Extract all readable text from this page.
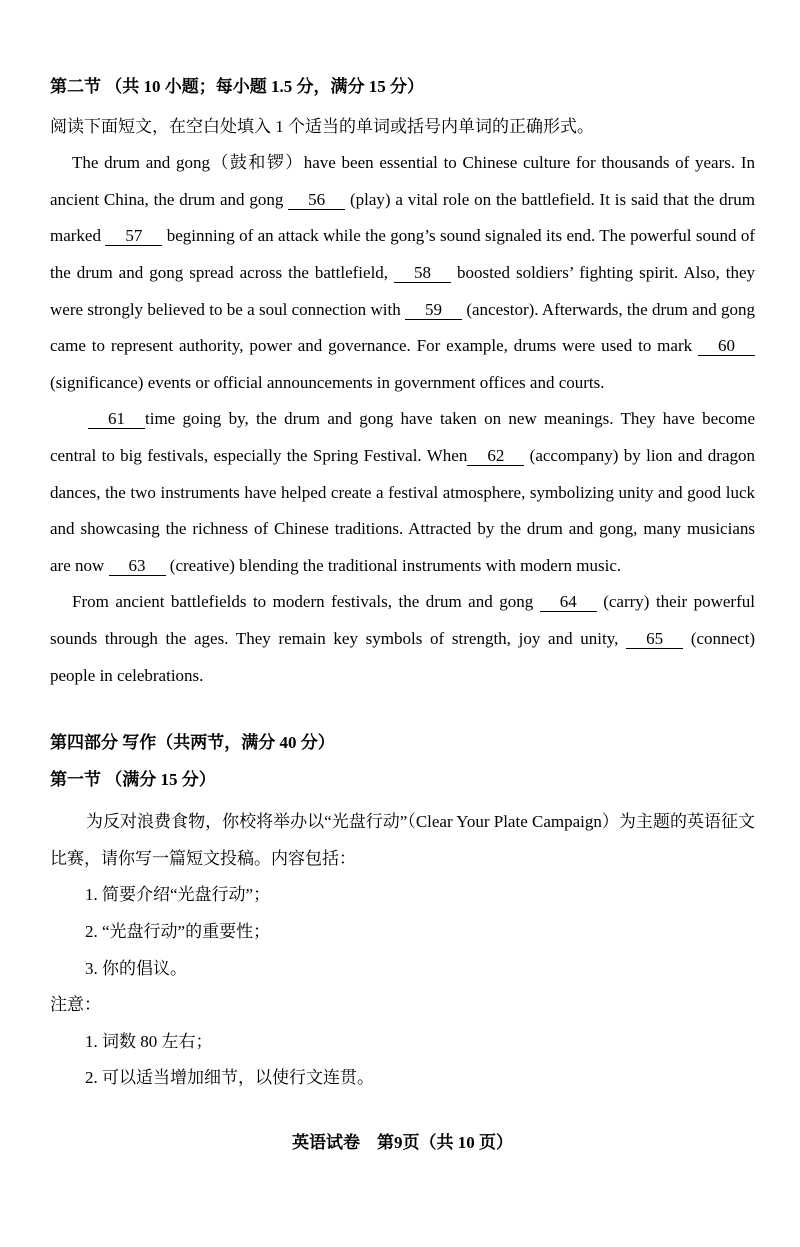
第二节 （共 10 小题；每小题 1.5 分，满分 15 分）

阅读下面短文，在空白处填入 1 个适当的单词或括号内单词的正确形式。

The drum and gong（鼓和锣）have been essential to Chinese culture for thousands of years. In ancient China, the drum and gong 56 (play) a vital role on the battlefield. It is said that the drum marked 57 beginning of an attack while the gong’s sound signaled its end. The powerful sound of the drum and gong spread across the battlefield, 58 boosted soldiers’ fighting spirit. Also, they were strongly believed to be a soul connection with 59 (ancestor). Afterwards, the drum and gong came to represent authority, power and governance. For example, drums were used to mark 60 (significance) events or official announcements in government offices and courts.

61 time going by, the drum and gong have taken on new meanings. They have become central to big festivals, especially the Spring Festival. When 62 (accompany) by lion and dragon dances, the two instruments have helped create a festival atmosphere, symbolizing unity and good luck and showcasing the richness of Chinese traditions. Attracted by the drum and gong, many musicians are now 63 (creative) blending the traditional instruments with modern music.

From ancient battlefields to modern festivals, the drum and gong 64 (carry) their powerful sounds through the ages. They remain key symbols of strength, joy and unity, 65 (connect) people in celebrations.

第四部分 写作（共两节，满分 40 分）
第一节 （满分 15 分）

为反对浪费食物，你校将举办以“光盘行动”（Clear Your Plate Campaign）为主题的英语征文比赛，请你写一篇短文投稿。内容包括：

1. 简要介绍“光盘行动”；

2. “光盘行动”的重要性；

3. 你的倡议。

注意：

1. 词数 80 左右；

2. 可以适当增加细节，以使行文连贯。

英语试卷　第9页（共 10 页）
